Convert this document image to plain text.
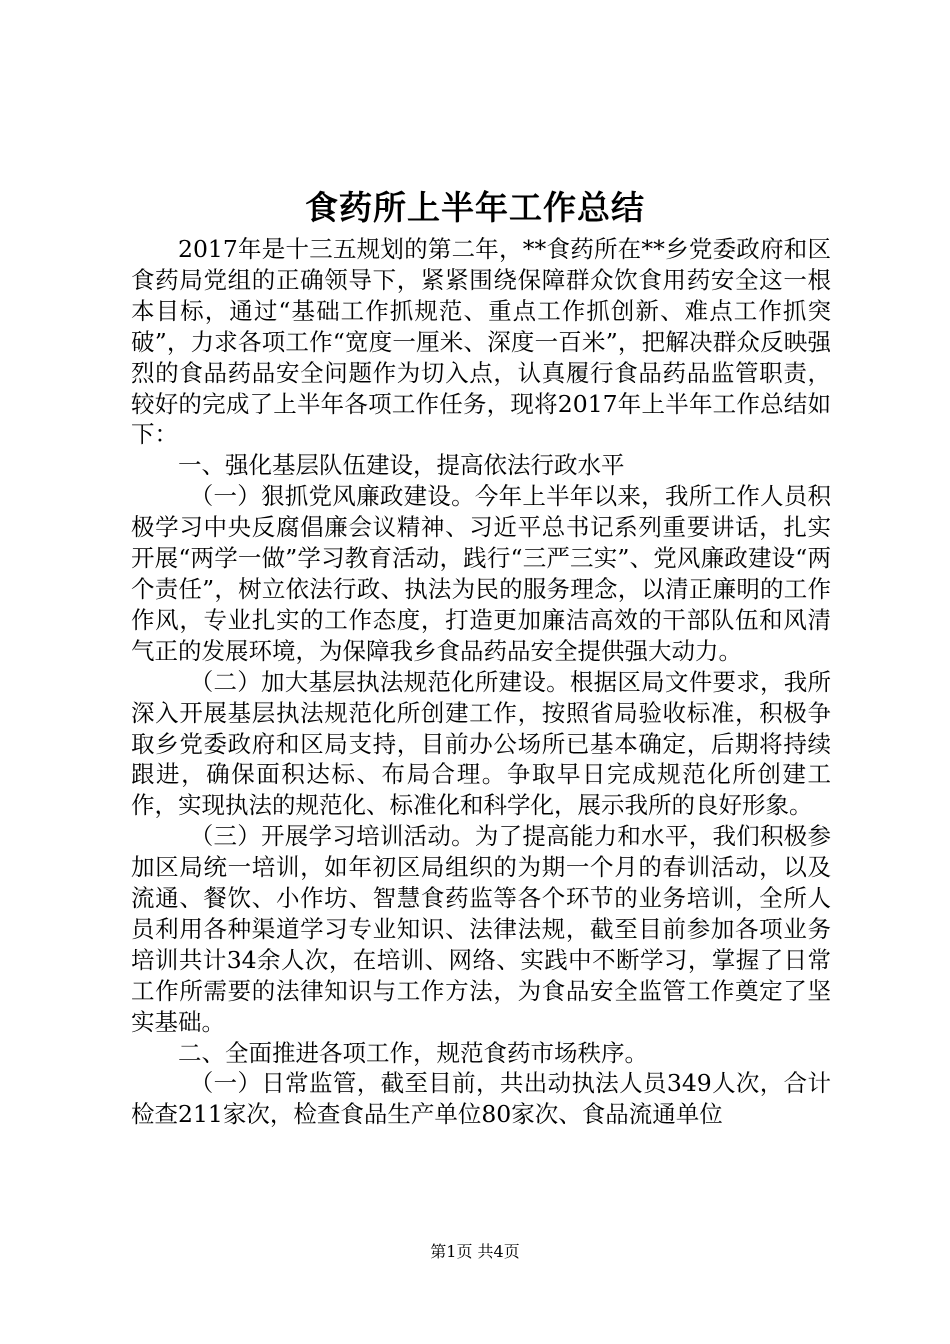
食药所上半年工作总结

2017年是十三五规划的第二年，**食药所在**乡党委政府和区食药局党组的正确领导下，紧紧围绕保障群众饮食用药安全这一根本目标，通过“基础工作抓规范、重点工作抓创新、难点工作抓突破”，力求各项工作“宽度一厘米、深度一百米”，把解决群众反映强烈的食品药品安全问题作为切入点，认真履行食品药品监管职责，较好的完成了上半年各项工作任务，现将2017年上半年工作总结如下：

一、强化基层队伍建设，提高依法行政水平

（一）狠抓党风廉政建设。今年上半年以来，我所工作人员积极学习中央反腐倡廉会议精神、习近平总书记系列重要讲话，扎实开展“两学一做”学习教育活动，践行“三严三实”、党风廉政建设“两个责任”，树立依法行政、执法为民的服务理念，以清正廉明的工作作风，专业扎实的工作态度，打造更加廉洁高效的干部队伍和风清气正的发展环境，为保障我乡食品药品安全提供强大动力。

（二）加大基层执法规范化所建设。根据区局文件要求，我所深入开展基层执法规范化所创建工作，按照省局验收标准，积极争取乡党委政府和区局支持，目前办公场所已基本确定，后期将持续跟进，确保面积达标、布局合理。争取早日完成规范化所创建工作，实现执法的规范化、标准化和科学化，展示我所的良好形象。

（三）开展学习培训活动。为了提高能力和水平，我们积极参加区局统一培训，如年初区局组织的为期一个月的春训活动，以及流通、餐饮、小作坊、智慧食药监等各个环节的业务培训，全所人员利用各种渠道学习专业知识、法律法规，截至目前参加各项业务培训共计34余人次，在培训、网络、实践中不断学习，掌握了日常工作所需要的法律知识与工作方法，为食品安全监管工作奠定了坚实基础。

二、全面推进各项工作，规范食药市场秩序。

（一）日常监管，截至目前，共出动执法人员349人次，合计检查211家次，检查食品生产单位80家次、食品流通单位

第1页 共4页
